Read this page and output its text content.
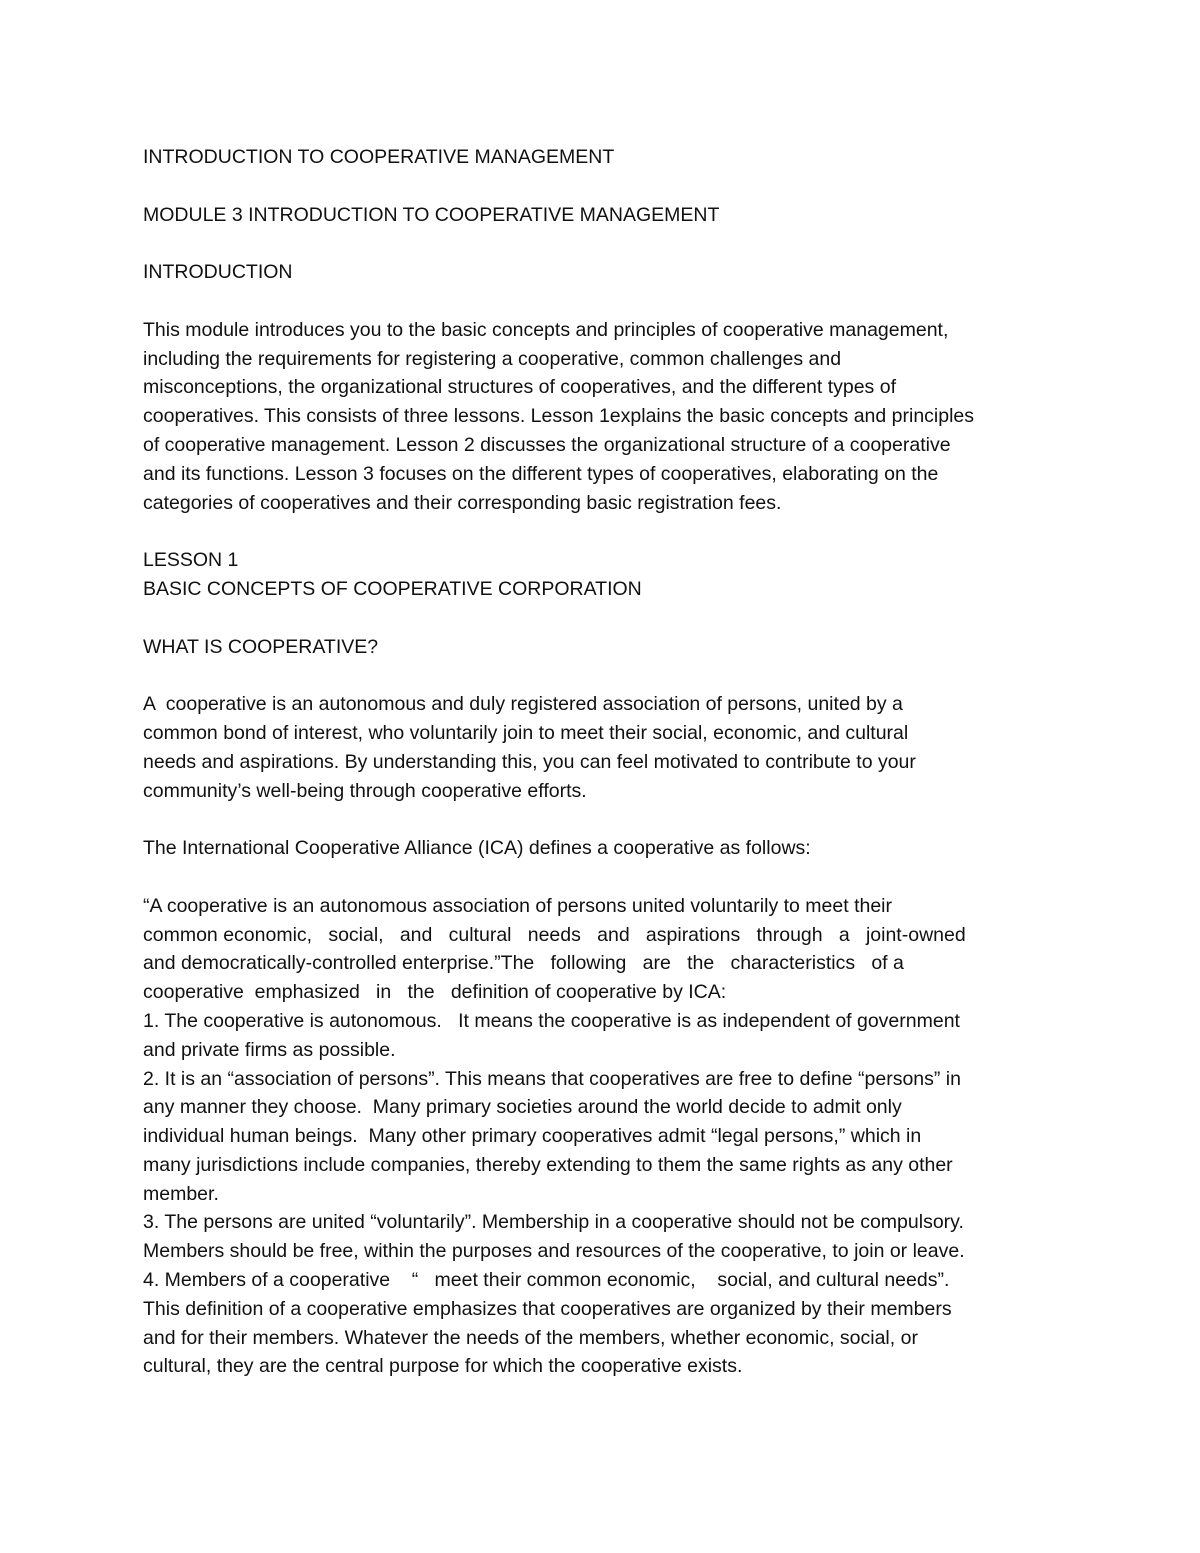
INTRODUCTION TO COOPERATIVE MANAGEMENT

MODULE 3 INTRODUCTION TO COOPERATIVE MANAGEMENT

INTRODUCTION

This module introduces you to the basic concepts and principles of cooperative management,

including the requirements for registering a cooperative, common challenges and

misconceptions, the organizational structures of cooperatives, and the different types of

cooperatives. This consists of three lessons. Lesson 1explains the basic concepts and principles

of cooperative management. Lesson 2 discusses the organizational structure of a cooperative

and its functions. Lesson 3 focuses on the different types of cooperatives, elaborating on the

categories of cooperatives and their corresponding basic registration fees.

LESSON 1

BASIC CONCEPTS OF COOPERATIVE CORPORATION

WHAT IS COOPERATIVE?

A  cooperative is an autonomous and duly registered association of persons, united by a

common bond of interest, who voluntarily join to meet their social, economic, and cultural

needs and aspirations. By understanding this, you can feel motivated to contribute to your

community’s well-being through cooperative efforts.

The International Cooperative Alliance (ICA) defines a cooperative as follows:

“A cooperative is an autonomous association of persons united voluntarily to meet their

common economic,   social,   and   cultural   needs   and   aspirations   through   a   joint-owned

and democratically-controlled enterprise.”The   following   are   the   characteristics   of a

cooperative  emphasized   in   the   definition of cooperative by ICA:

1. The cooperative is autonomous.   It means the cooperative is as independent of government

and private firms as possible.

2. It is an “association of persons”. This means that cooperatives are free to define “persons” in

any manner they choose.  Many primary societies around the world decide to admit only

individual human beings.  Many other primary cooperatives admit “legal persons,” which in

many jurisdictions include companies, thereby extending to them the same rights as any other

member.

3. The persons are united “voluntarily”. Membership in a cooperative should not be compulsory.

Members should be free, within the purposes and resources of the cooperative, to join or leave.

4. Members of a cooperative    “   meet their common economic,    social, and cultural needs”.

This definition of a cooperative emphasizes that cooperatives are organized by their members

and for their members. Whatever the needs of the members, whether economic, social, or

cultural, they are the central purpose for which the cooperative exists.
